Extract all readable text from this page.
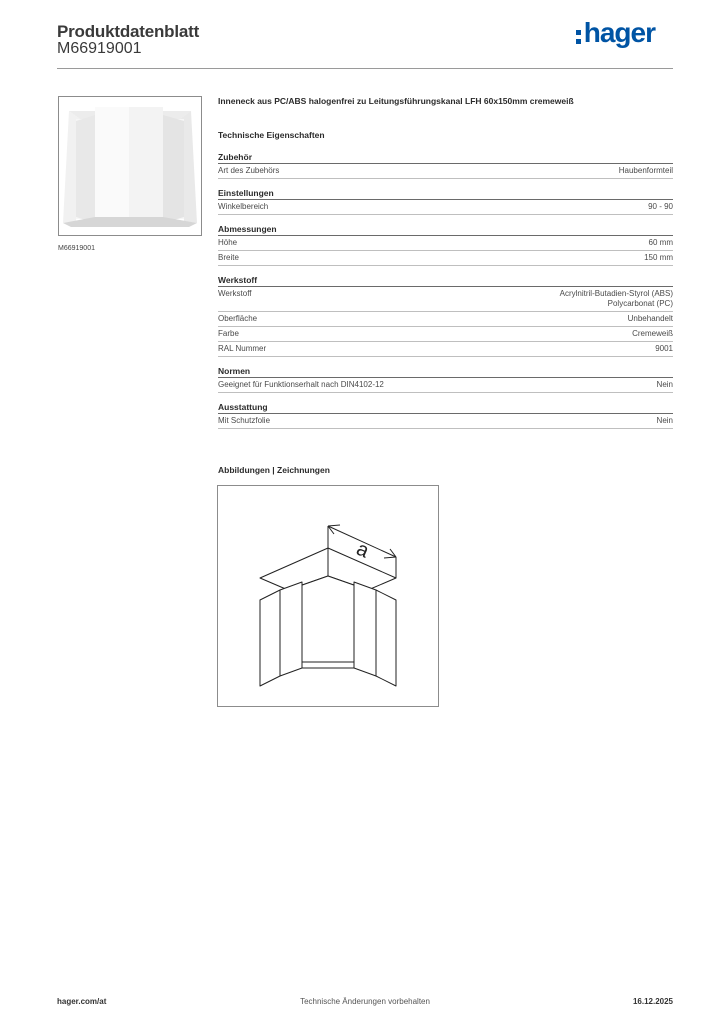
Produktdatenblatt
M66919001
hager
M66919001
Inneneck aus PC/ABS halogenfrei zu Leitungsführungskanal LFH 60x150mm cremeweiß
Technische Eigenschaften
Zubehör
Art des Zubehörs	Haubenformteil
Einstellungen
Winkelbereich	90 - 90
Abmessungen
Höhe	60 mm
Breite	150 mm
Werkstoff
Werkstoff	Acrylnitril-Butadien-Styrol (ABS)
Polycarbonat (PC)
Oberfläche	Unbehandelt
Farbe	Cremeweiß
RAL Nummer	9001
Normen
Geeignet für Funktionserhalt nach DIN4102-12	Nein
Ausstattung
Mit Schutzfolie	Nein
Abbildungen | Zeichnungen
a
hager.com/at	Technische Änderungen vorbehalten	16.12.2025
